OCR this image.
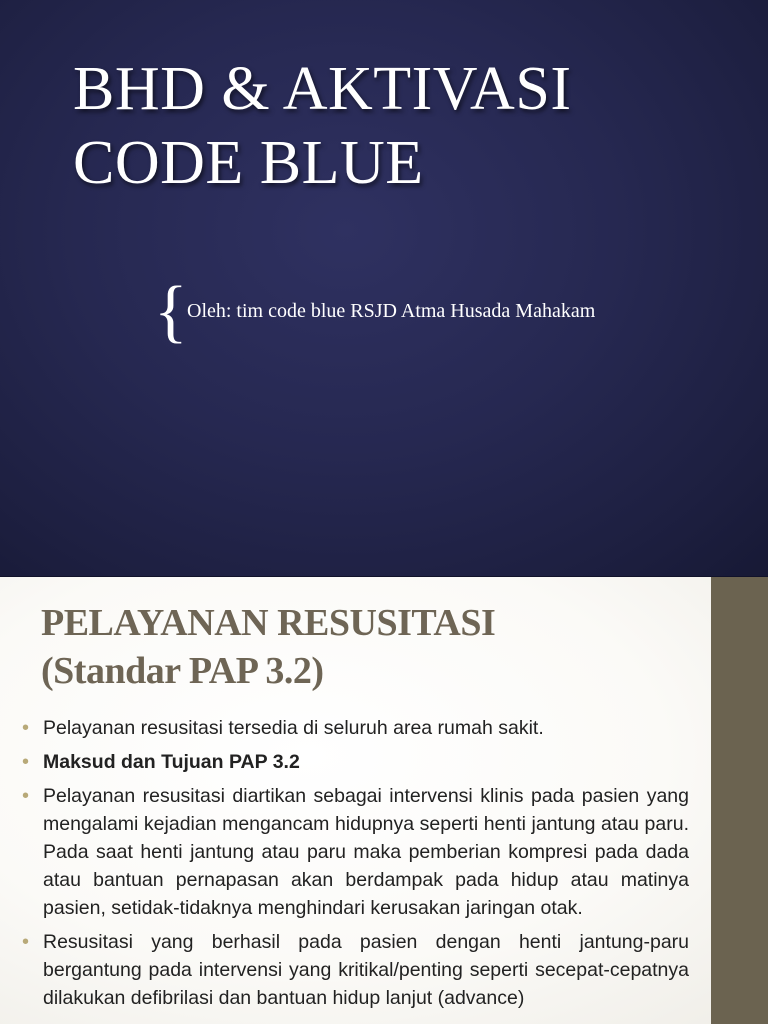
BHD & AKTIVASI
CODE BLUE
{ Oleh: tim code blue RSJD Atma Husada Mahakam
PELAYANAN RESUSITASI
(Standar PAP 3.2)
• Pelayanan resusitasi tersedia di seluruh area rumah sakit.
• Maksud dan Tujuan PAP 3.2
• Pelayanan resusitasi diartikan sebagai intervensi klinis pada pasien yang mengalami kejadian mengancam hidupnya seperti henti jantung atau paru. Pada saat henti jantung atau paru maka pemberian kompresi pada dada atau bantuan pernapasan akan berdampak pada hidup atau matinya pasien, setidak-tidaknya menghindari kerusakan jaringan otak.
• Resusitasi yang berhasil pada pasien dengan henti jantung-paru bergantung pada intervensi yang kritikal/penting seperti secepat-cepatnya dilakukan defibrilasi dan bantuan hidup lanjut (advance)
